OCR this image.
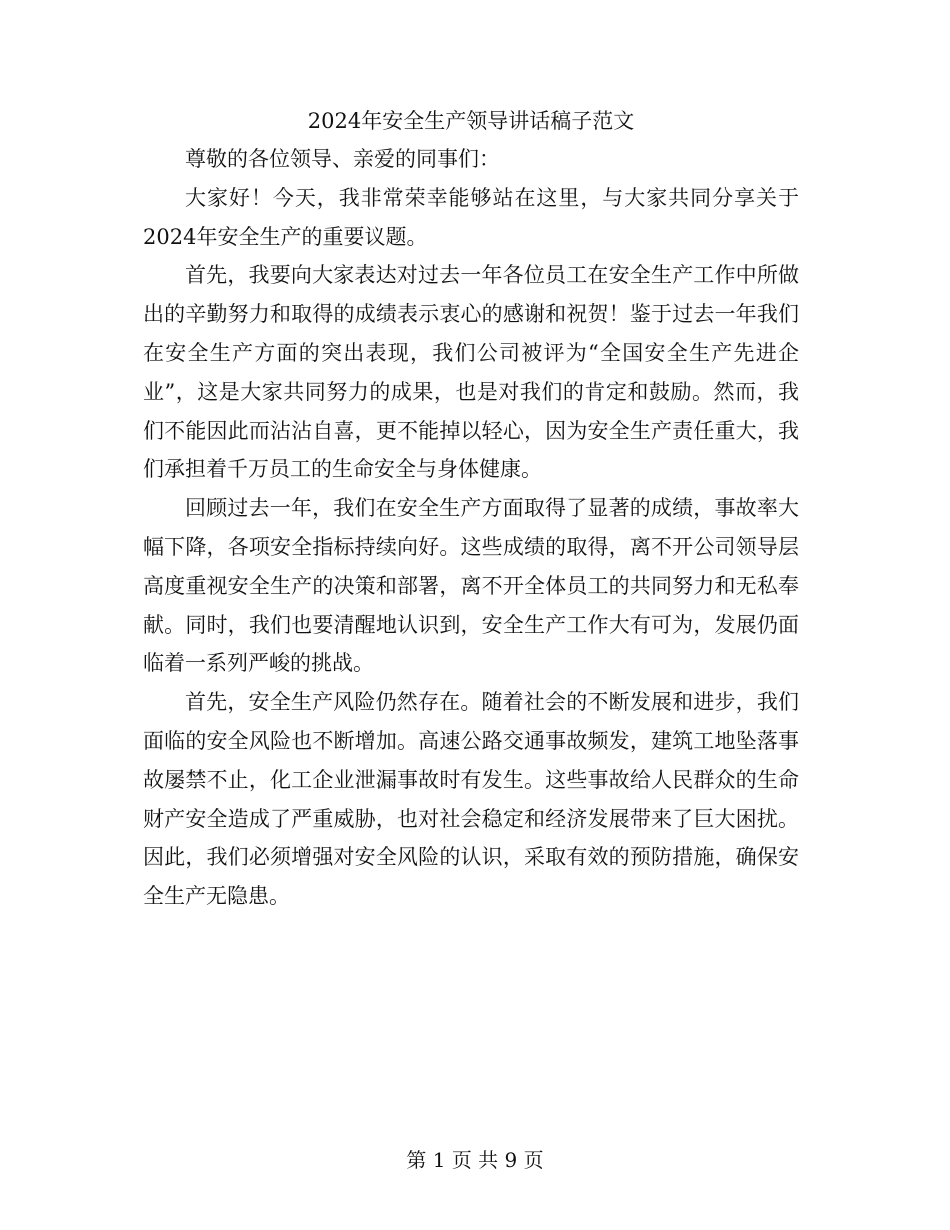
2024年安全生产领导讲话稿子范文

尊敬的各位领导、亲爱的同事们：

大家好！今天，我非常荣幸能够站在这里，与大家共同分享关于2024年安全生产的重要议题。

首先，我要向大家表达对过去一年各位员工在安全生产工作中所做出的辛勤努力和取得的成绩表示衷心的感谢和祝贺！鉴于过去一年我们在安全生产方面的突出表现，我们公司被评为“全国安全生产先进企业”，这是大家共同努力的成果，也是对我们的肯定和鼓励。然而，我们不能因此而沾沾自喜，更不能掉以轻心，因为安全生产责任重大，我们承担着千万员工的生命安全与身体健康。

回顾过去一年，我们在安全生产方面取得了显著的成绩，事故率大幅下降，各项安全指标持续向好。这些成绩的取得，离不开公司领导层高度重视安全生产的决策和部署，离不开全体员工的共同努力和无私奉献。同时，我们也要清醒地认识到，安全生产工作大有可为，发展仍面临着一系列严峻的挑战。

首先，安全生产风险仍然存在。随着社会的不断发展和进步，我们面临的安全风险也不断增加。高速公路交通事故频发，建筑工地坠落事故屡禁不止，化工企业泄漏事故时有发生。这些事故给人民群众的生命财产安全造成了严重威胁，也对社会稳定和经济发展带来了巨大困扰。因此，我们必须增强对安全风险的认识，采取有效的预防措施，确保安全生产无隐患。

第 1 页 共 9 页
